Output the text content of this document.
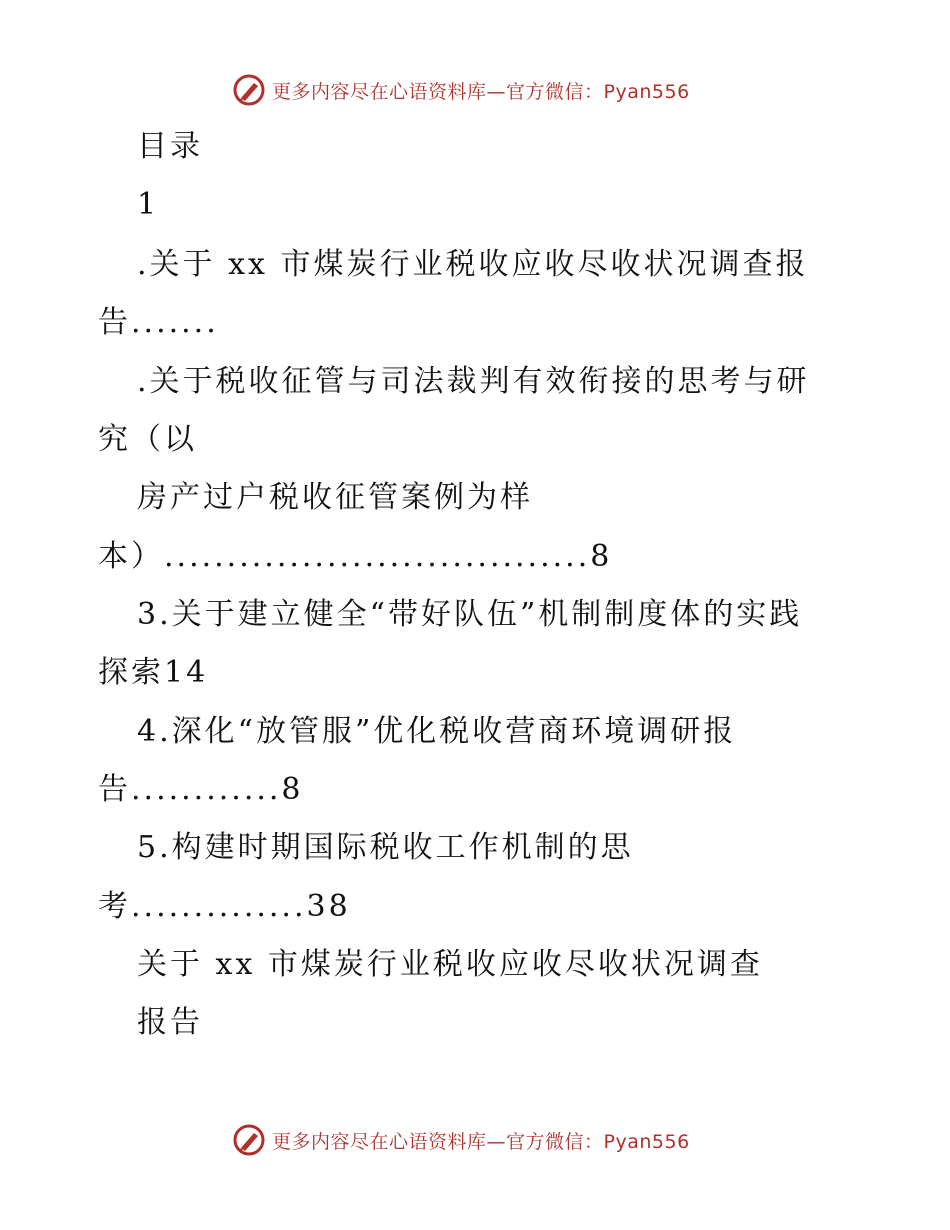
更多内容尽在心语资料库—官方微信：Pyan556
目录
1
.关于 xx 市煤炭行业税收应收尽收状况调查报
告.......
.关于税收征管与司法裁判有效衔接的思考与研
究（以
房产过户税收征管案例为样
本）..................................8
3.关于建立健全“带好队伍”机制制度体的实践
探索14
4.深化“放管服”优化税收营商环境调研报
告............8
5.构建时期国际税收工作机制的思
考..............38
关于 xx 市煤炭行业税收应收尽收状况调查
报告
更多内容尽在心语资料库—官方微信：Pyan556
